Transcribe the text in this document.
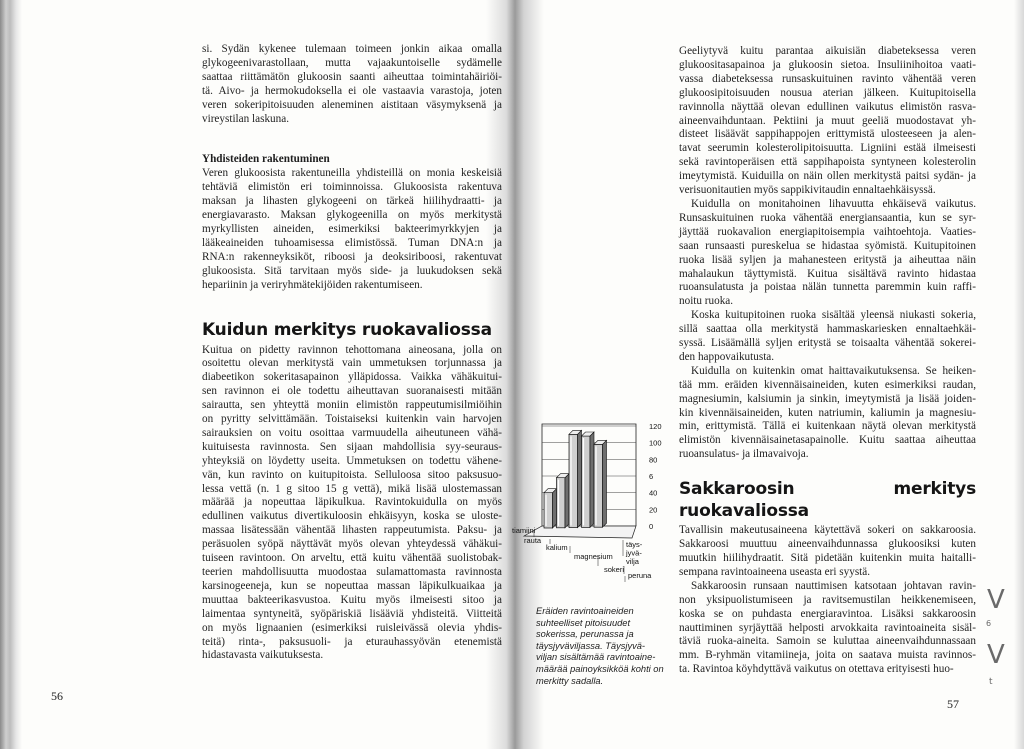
si. Sydän kykenee tulemaan toimeen jonkin aikaa omalla

glykogeenivarastollaan, mutta vajaakuntoiselle sydämelle

saattaa riittämätön glukoosin saanti aiheuttaa toimintahäiriöi-

tä. Aivo- ja hermokudoksella ei ole vastaavia varastoja, joten

veren sokeripitoisuuden aleneminen aistitaan väsymyksenä ja

vireystilan laskuna.

Yhdisteiden rakentuminen

Veren glukoosista rakentuneilla yhdisteillä on monia keskeisiä

tehtäviä elimistön eri toiminnoissa. Glukoosista rakentuva

maksan ja lihasten glykogeeni on tärkeä hiilihydraatti- ja

energiavarasto. Maksan glykogeenilla on myös merkitystä

myrkyllisten aineiden, esimerkiksi bakteerimyrkkyjen ja

lääkeaineiden tuhoamisessa elimistössä. Tuman DNA:n ja

RNA:n rakenneyksiköt, riboosi ja deoksiriboosi, rakentuvat

glukoosista. Sitä tarvitaan myös side- ja luukudoksen sekä

hepariinin ja veriryhmätekijöiden rakentumiseen.

Kuidun merkitys ruokavaliossa

Kuitua on pidetty ravinnon tehottomana aineosana, jolla on

osoitettu olevan merkitystä vain ummetuksen torjunnassa ja

diabeetikon sokeritasapainon ylläpidossa. Vaikka vähäkuitui-

sen ravinnon ei ole todettu aiheuttavan suoranaisesti mitään

sairautta, sen yhteyttä moniin elimistön rappeutumisilmiöihin

on pyritty selvittämään. Toistaiseksi kuitenkin vain harvojen

sairauksien on voitu osoittaa varmuudella aiheutuneen vähä-

kuituisesta ravinnosta. Sen sijaan mahdollisia syy-seuraus-

yhteyksiä on löydetty useita. Ummetuksen on todettu vähene-

vän, kun ravinto on kuitupitoista. Selluloosa sitoo paksusuo-

lessa vettä (n. 1 g sitoo 15 g vettä), mikä lisää ulostemassan

määrää ja nopeuttaa läpikulkua. Ravintokuidulla on myös

edullinen vaikutus divertikuloosin ehkäisyyn, koska se uloste-

massaa lisätessään vähentää lihasten rappeutumista. Paksu- ja

peräsuolen syöpä näyttävät myös olevan yhteydessä vähäkui-

tuiseen ravintoon. On arveltu, että kuitu vähentää suolistobak-

teerien mahdollisuutta muodostaa sulamattomasta ravinnosta

karsinogeeneja, kun se nopeuttaa massan läpikulkuaikaa ja

muuttaa bakteerikasvustoa. Kuitu myös ilmeisesti sitoo ja

laimentaa syntyneitä, syöpäriskiä lisääviä yhdisteitä. Viitteitä

on myös lignaanien (esimerkiksi ruisleivässä olevia yhdis-

teitä) rinta-, paksusuoli- ja eturauhassyövän etenemistä

hidastavasta vaikutuksesta.

56
0
20
40
6
80
100
120
tiamiini
rauta
kalium
magnesium
sokeri
täys-
jyvä-
vilja
peruna
Eräiden ravintoaineiden suhteelliset pitoisuudet sokerissa, perunassa ja täysjyväviljassa. Täysjyvä-viljan sisältämää ravintoaine-määrää painoyksikköä kohti on merkitty sadalla.

Geeliytyvä kuitu parantaa aikuisiän diabeteksessa veren

glukoositasapainoa ja glukoosin sietoa. Insuliinihoitoa vaati-

vassa diabeteksessa runsaskuituinen ravinto vähentää veren

glukoosipitoisuuden nousua aterian jälkeen. Kuitupitoisella

ravinnolla näyttää olevan edullinen vaikutus elimistön rasva-

aineenvaihduntaan. Pektiini ja muut geeliä muodostavat yh-

disteet lisäävät sappihappojen erittymistä ulosteeseen ja alen-

tavat seerumin kolesterolipitoisuutta. Ligniini estää ilmeisesti

sekä ravintoperäisen että sappihapoista syntyneen kolesterolin

imeytymistä. Kuiduilla on näin ollen merkitystä paitsi sydän- ja

verisuonitautien myös sappikivitaudin ennaltaehkäisyssä.

Kuidulla on monitahoinen lihavuutta ehkäisevä vaikutus.

Runsaskuituinen ruoka vähentää energiansaantia, kun se syr-

jäyttää ruokavalion energiapitoisempia vaihtoehtoja. Vaaties-

saan runsaasti pureskelua se hidastaa syömistä. Kuitupitoinen

ruoka lisää syljen ja mahanesteen eritystä ja aiheuttaa näin

mahalaukun täyttymistä. Kuitua sisältävä ravinto hidastaa

ruoansulatusta ja poistaa nälän tunnetta paremmin kuin raffi-

noitu ruoka.

Koska kuitupitoinen ruoka sisältää yleensä niukasti sokeria,

sillä saattaa olla merkitystä hammaskariesken ennaltaehkäi-

syssä. Lisäämällä syljen eritystä se toisaalta vähentää sokerei-

den happovaikutusta.

Kuidulla on kuitenkin omat haittavaikutuksensa. Se heiken-

tää mm. eräiden kivennäisaineiden, kuten esimerkiksi raudan,

magnesiumin, kalsiumin ja sinkin, imeytymistä ja lisää joiden-

kin kivennäisaineiden, kuten natriumin, kaliumin ja magnesiu-

min, erittymistä. Tällä ei kuitenkaan näytä olevan merkitystä

elimistön kivennäisainetasapainolle. Kuitu saattaa aiheuttaa

ruoansulatus- ja ilmavaivoja.

Sakkaroosin merkitys ruokavaliossa

Tavallisin makeutusaineena käytettävä sokeri on sakkaroosia.

Sakkaroosi muuttuu aineenvaihdunnassa glukoosiksi kuten

muutkin hiilihydraatit. Sitä pidetään kuitenkin muita haitalli-

sempana ravintoaineena useasta eri syystä.

Sakkaroosin runsaan nauttimisen katsotaan johtavan ravin-

non yksipuolistumiseen ja ravitsemustilan heikkenemiseen,

koska se on puhdasta energiaravintoa. Lisäksi sakkaroosin

nauttiminen syrjäyttää helposti arvokkaita ravintoaineita sisäl-

täviä ruoka-aineita. Samoin se kuluttaa aineenvaihdunnassaan

mm. B-ryhmän vitamiineja, joita on saatava muista ravinnos-

ta. Ravintoa köyhdyttävä vaikutus on otettava erityisesti huo-

57
V
6
V
t
